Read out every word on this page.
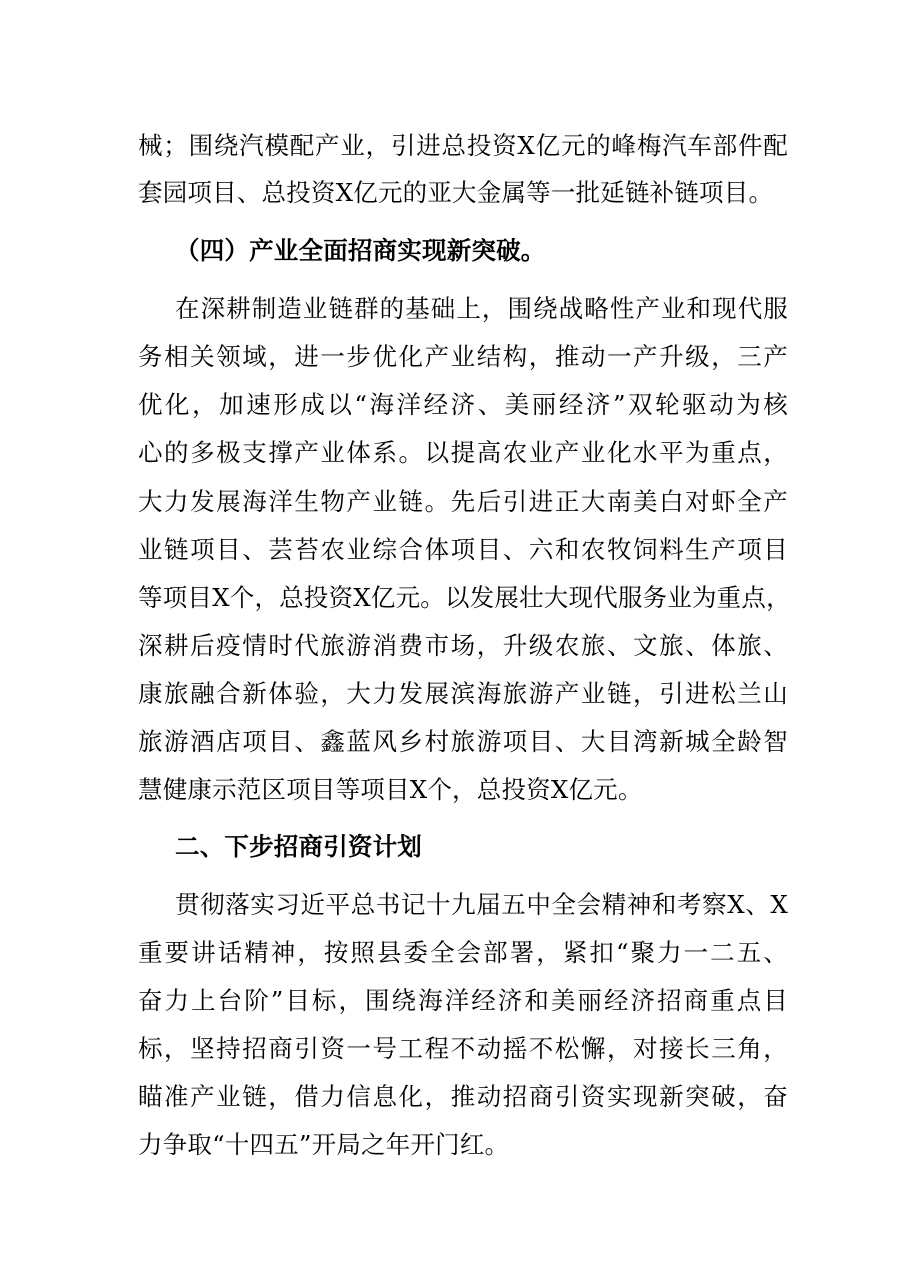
械；围绕汽模配产业，引进总投资X亿元的峰梅汽车部件配
套园项目、总投资X亿元的亚大金属等一批延链补链项目。
（四）产业全面招商实现新突破。
在深耕制造业链群的基础上，围绕战略性产业和现代服
务相关领域，进一步优化产业结构，推动一产升级，三产
优化，加速形成以“海洋经济、美丽经济”双轮驱动为核
心的多极支撑产业体系。以提高农业产业化水平为重点，
大力发展海洋生物产业链。先后引进正大南美白对虾全产
业链项目、芸苔农业综合体项目、六和农牧饲料生产项目
等项目X个，总投资X亿元。以发展壮大现代服务业为重点，
深耕后疫情时代旅游消费市场，升级农旅、文旅、体旅、
康旅融合新体验，大力发展滨海旅游产业链，引进松兰山
旅游酒店项目、鑫蓝风乡村旅游项目、大目湾新城全龄智
慧健康示范区项目等项目X个，总投资X亿元。
二、下步招商引资计划
贯彻落实习近平总书记十九届五中全会精神和考察X、X
重要讲话精神，按照县委全会部署，紧扣“聚力一二五、
奋力上台阶”目标，围绕海洋经济和美丽经济招商重点目
标，坚持招商引资一号工程不动摇不松懈，对接长三角，
瞄准产业链，借力信息化，推动招商引资实现新突破，奋
力争取“十四五”开局之年开门红。
